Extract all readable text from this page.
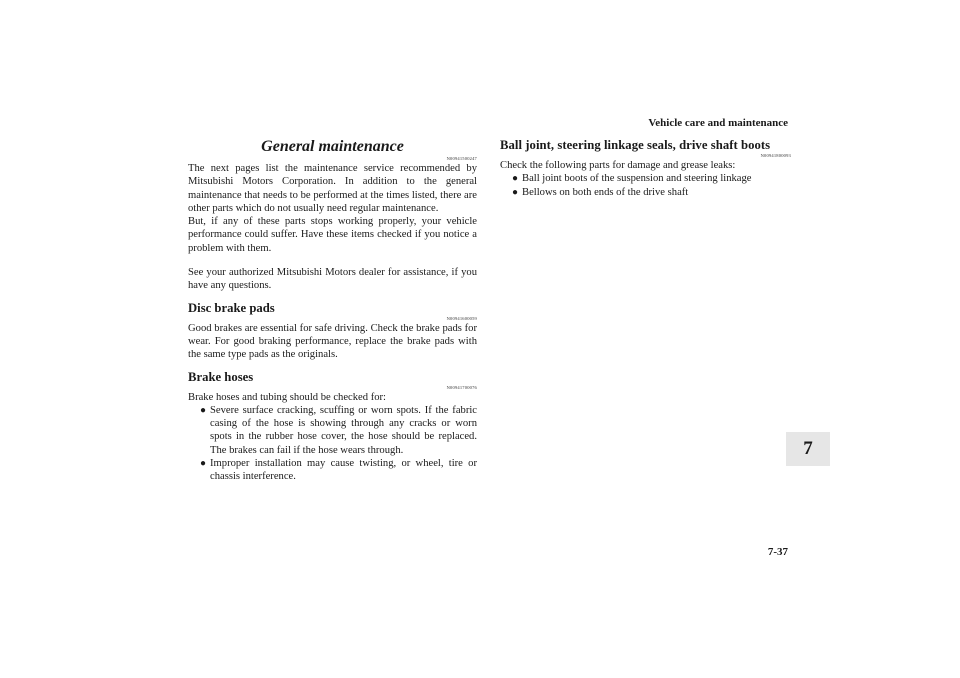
Vehicle care and maintenance
General maintenance
N00941500247

The next pages list the maintenance service recommended by Mitsubishi Motors Corporation. In addition to the general maintenance that needs to be performed at the times listed, there are other parts which do not usually need regular maintenance.

But, if any of these parts stops working properly, your vehicle performance could suffer. Have these items checked if you notice a problem with them.

See your authorized Mitsubishi Motors dealer for assistance, if you have any questions.

Disc brake pads
N00941600059

Good brakes are essential for safe driving. Check the brake pads for wear. For good braking performance, replace the brake pads with the same type pads as the originals.

Brake hoses
N00941700076

Brake hoses and tubing should be checked for:

● Severe surface cracking, scuffing or worn spots. If the fabric casing of the hose is showing through any cracks or worn spots in the rubber hose cover, the hose should be replaced. The brakes can fail if the hose wears through.
● Improper installation may cause twisting, or wheel, tire or chassis interference.
Ball joint, steering linkage seals, drive shaft boots
N00941800093

Check the following parts for damage and grease leaks:

● Ball joint boots of the suspension and steering linkage
● Bellows on both ends of the drive shaft
7
7-37
